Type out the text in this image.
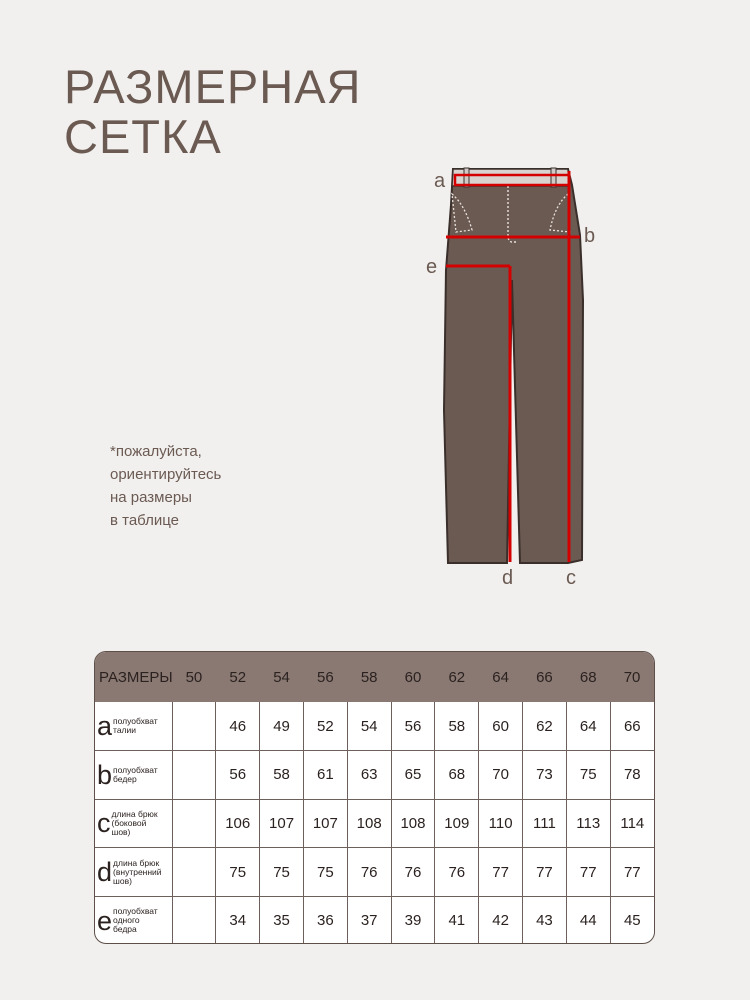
РАЗМЕРНАЯ
СЕТКА
*пожалуйста,
ориентируйтесь
на размеры
в таблице
a
b
e
d	c
РАЗМЕРЫ	50	52	54	56	58	60	62	64	66	68	70

a полуобхват
талии		46	49	52	54	56	58	60	62	64	66

b полуобхват
бедер		56	58	61	63	65	68	70	73	75	78

c длина брюк
(боковой
шов)		106	107	107	108	108	109	110	111	113	114

d длина брюк
(внутренний
шов)		75	75	75	76	76	76	77	77	77	77

e полуобхват
одного
бедра		34	35	36	37	39	41	42	43	44	45
